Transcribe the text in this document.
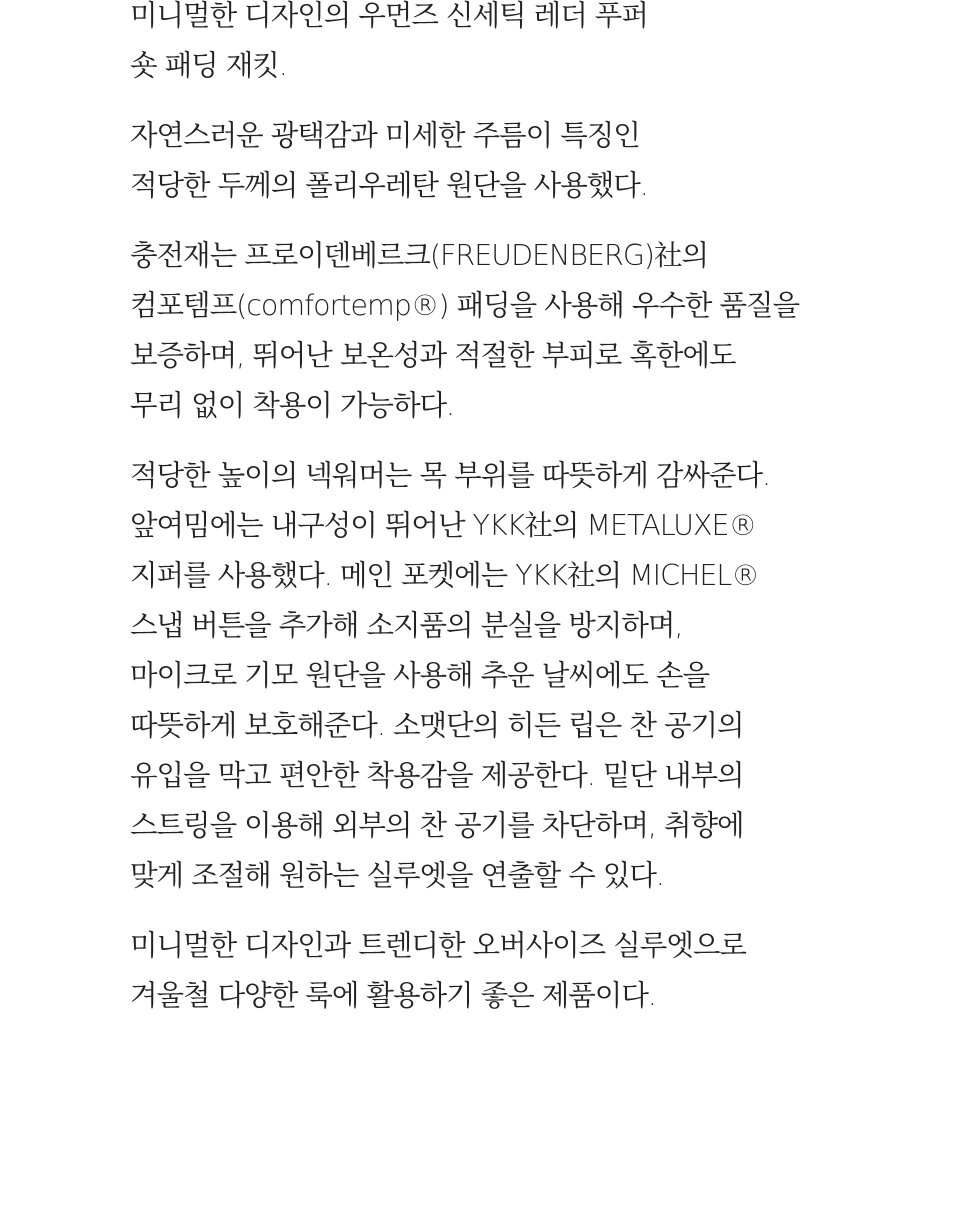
미니멀한 디자인의 우먼즈 신세틱 레더 푸퍼
숏 패딩 재킷.

자연스러운 광택감과 미세한 주름이 특징인
적당한 두께의 폴리우레탄 원단을 사용했다.

충전재는 프로이덴베르크(FREUDENBERG)社의
컴포템프(comfortemp®) 패딩을 사용해 우수한 품질을
보증하며, 뛰어난 보온성과 적절한 부피로 혹한에도
무리 없이 착용이 가능하다.

적당한 높이의 넥워머는 목 부위를 따뜻하게 감싸준다.
앞여밈에는 내구성이 뛰어난 YKK社의 METALUXE®
지퍼를 사용했다. 메인 포켓에는 YKK社의 MICHEL®
스냅 버튼을 추가해 소지품의 분실을 방지하며,
마이크로 기모 원단을 사용해 추운 날씨에도 손을
따뜻하게 보호해준다. 소맷단의 히든 립은 찬 공기의
유입을 막고 편안한 착용감을 제공한다. 밑단 내부의
스트링을 이용해 외부의 찬 공기를 차단하며, 취향에
맞게 조절해 원하는 실루엣을 연출할 수 있다.

미니멀한 디자인과 트렌디한 오버사이즈 실루엣으로
겨울철 다양한 룩에 활용하기 좋은 제품이다.
